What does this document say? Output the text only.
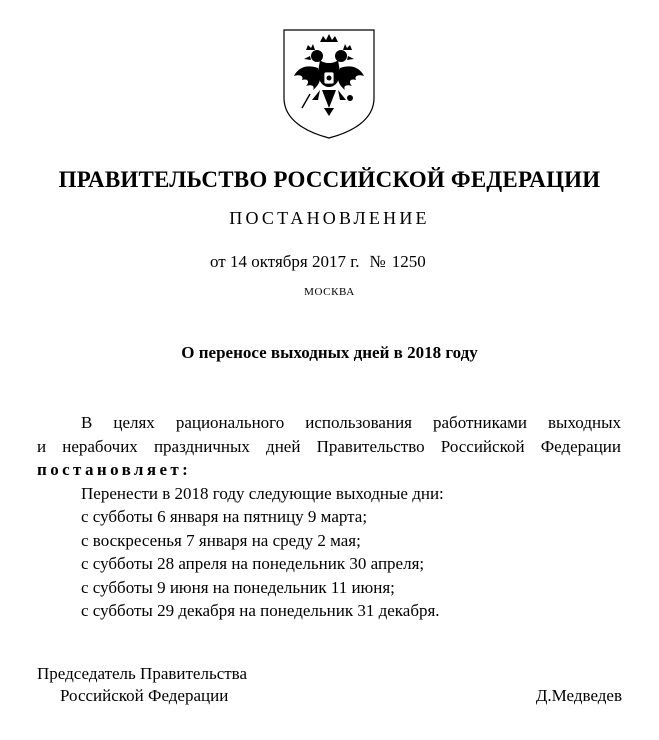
ПРАВИТЕЛЬСТВО РОССИЙСКОЙ ФЕДЕРАЦИИ
ПОСТАНОВЛЕНИЕ
от 14 октября 2017 г. № 1250
МОСКВА
О переносе выходных дней в 2018 году
В целях рационального использования работниками выходных
и нерабочих праздничных дней Правительство Российской Федерации
постановляет:
Перенести в 2018 году следующие выходные дни:
с субботы 6 января на пятницу 9 марта;
с воскресенья 7 января на среду 2 мая;
с субботы 28 апреля на понедельник 30 апреля;
с субботы 9 июня на понедельник 11 июня;
с субботы 29 декабря на понедельник 31 декабря.
Председатель Правительства
Российской Федерации	Д.Медведев
